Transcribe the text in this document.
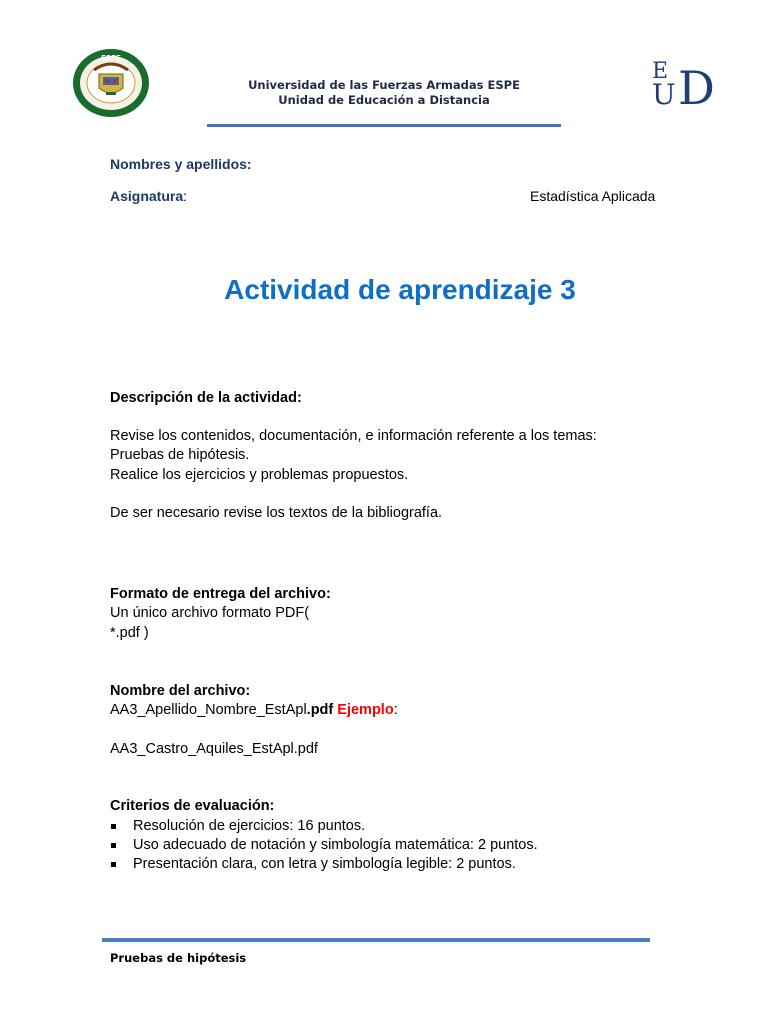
ESPE
Universidad de las Fuerzas Armadas ESPE
Unidad de Educación a Distancia
E
U D
Nombres y apellidos:
Asignatura:	Estadística Aplicada
Actividad de aprendizaje 3
Descripción de la actividad:
Revise los contenidos, documentación, e información referente a los temas:
Pruebas de hipótesis.
Realice los ejercicios y problemas propuestos.
De ser necesario revise los textos de la bibliografía.
Formato de entrega del archivo:
Un único archivo formato PDF(
*.pdf )
Nombre del archivo:
AA3_Apellido_Nombre_EstApl.pdf Ejemplo:
AA3_Castro_Aquiles_EstApl.pdf
Criterios de evaluación:
Resolución de ejercicios: 16 puntos.
Uso adecuado de notación y simbología matemática: 2 puntos.
Presentación clara, con letra y simbología legible: 2 puntos.
Pruebas de hipótesis
